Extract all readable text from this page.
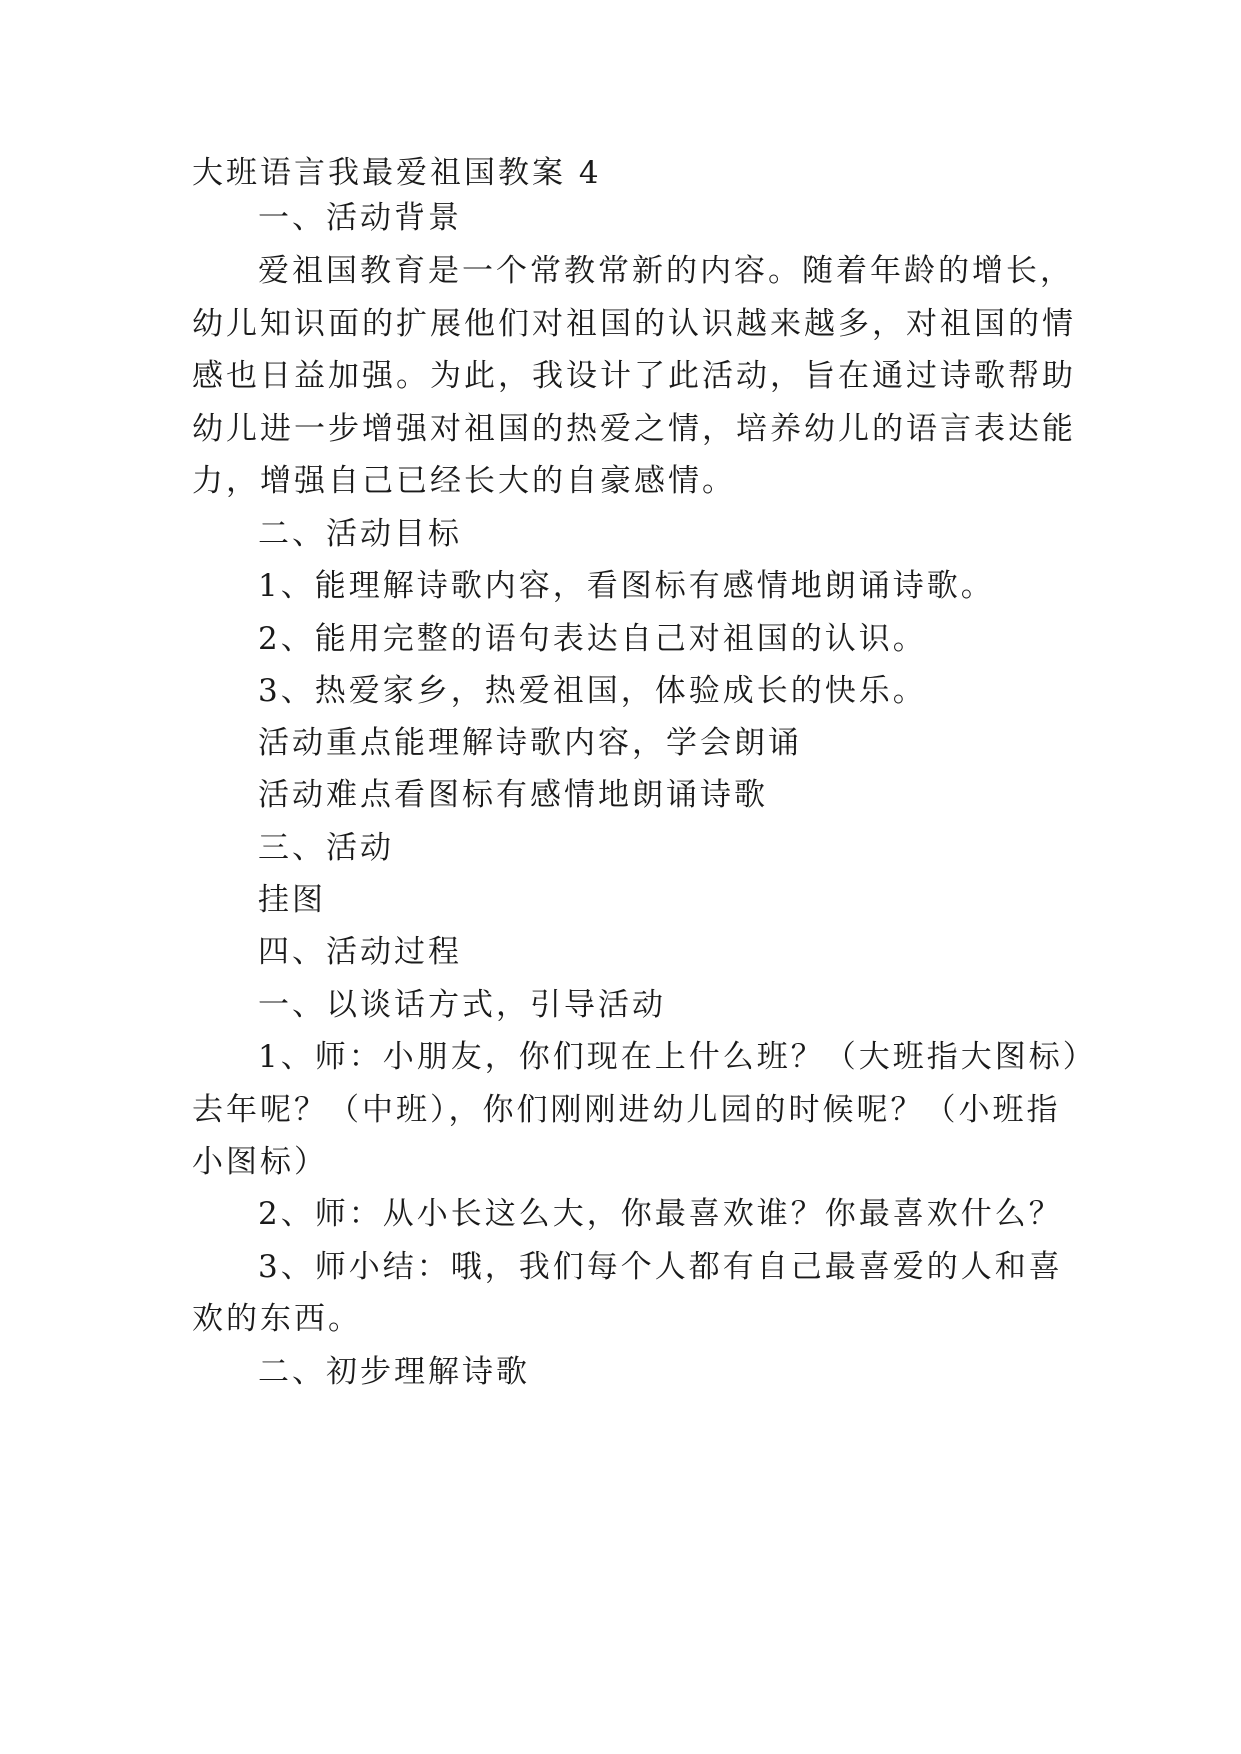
大班语言我最爱祖国教案 4
一、活动背景
爱祖国教育是一个常教常新的内容。随着年龄的增长，
幼儿知识面的扩展他们对祖国的认识越来越多，对祖国的情
感也日益加强。为此，我设计了此活动，旨在通过诗歌帮助
幼儿进一步增强对祖国的热爱之情，培养幼儿的语言表达能
力，增强自己已经长大的自豪感情。
二、活动目标
1、能理解诗歌内容，看图标有感情地朗诵诗歌。
2、能用完整的语句表达自己对祖国的认识。
3、热爱家乡，热爱祖国，体验成长的快乐。
活动重点能理解诗歌内容，学会朗诵
活动难点看图标有感情地朗诵诗歌
三、活动
挂图
四、活动过程
一、以谈话方式，引导活动
1、师：小朋友，你们现在上什么班？（大班指大图标）
去年呢？（中班），你们刚刚进幼儿园的时候呢？（小班指
小图标）
2、师：从小长这么大，你最喜欢谁？你最喜欢什么？
3、师小结：哦，我们每个人都有自己最喜爱的人和喜
欢的东西。
二、初步理解诗歌
